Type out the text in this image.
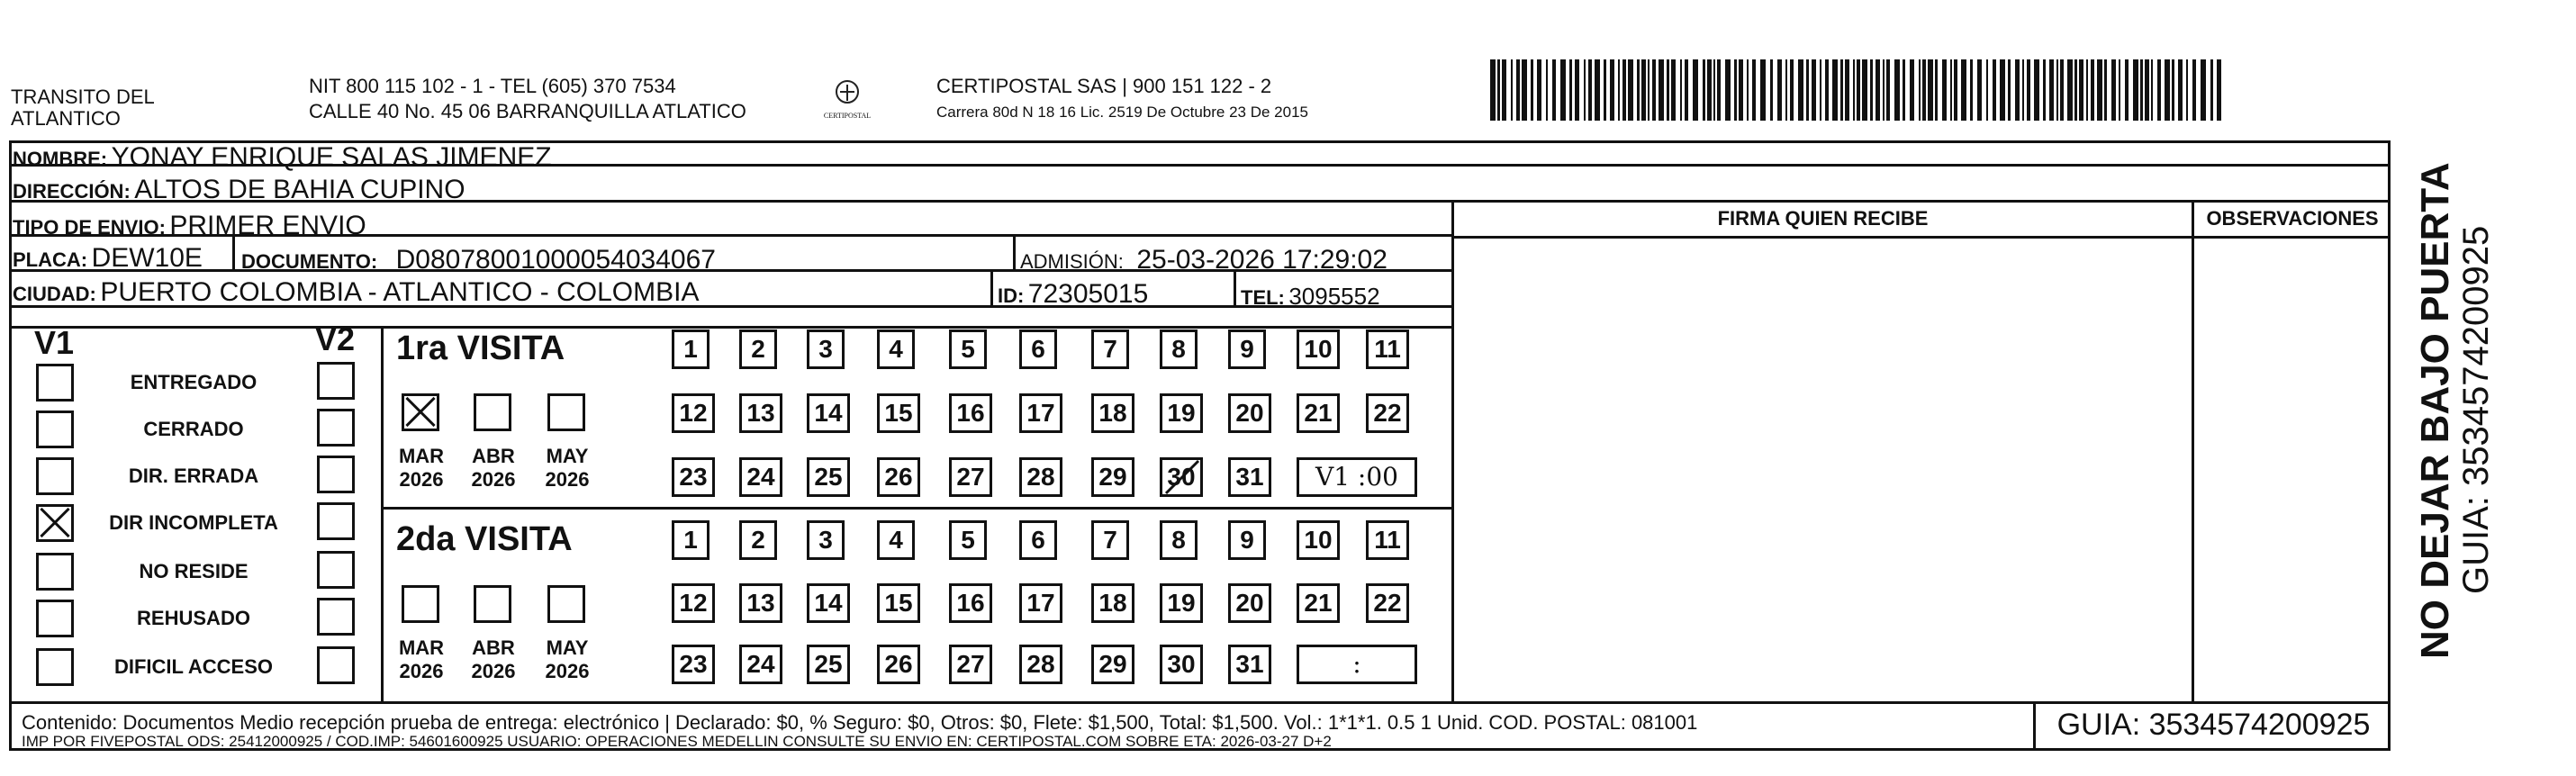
TRANSITO DEL
ATLANTICO
NIT 800 115 102 - 1 - TEL (605) 370 7534
CALLE 40 No. 45 06 BARRANQUILLA ATLATICO	CERTIPOSTAL
CERTIPOSTAL SAS | 900 151 122 - 2
Carrera 80d N 18 16 Lic. 2519 De Octubre 23 De 2015
NOMBRE: YONAY ENRIQUE SALAS JIMENEZ
DIRECCIÓN: ALTOS DE BAHIA CUPINO
TIPO DE ENVIO: PRIMER ENVIO
PLACA: DEW10E DOCUMENTO: D08078001000054034067	ADMISIÓN: 25-03-2026 17:29:02
CIUDAD: PUERTO COLOMBIA - ATLANTICO - COLOMBIA	ID: 72305015	TEL: 3095552
FIRMA QUIEN RECIBE	OBSERVACIONES
V1	V2 1ra VISITA
2da VISITA
Contenido: Documentos Medio recepción prueba de entrega: electrónico | Declarado: $0, % Seguro: $0, Otros: $0, Flete: $1,500, Total: $1,500. Vol.: 1*1*1. 0.5 1 Unid. COD. POSTAL: 081001
IMP POR FIVEPOSTAL ODS: 25412000925 / COD.IMP: 54601600925 USUARIO: OPERACIONES MEDELLIN CONSULTE SU ENVIO EN: CERTIPOSTAL.COM SOBRE ETA: 2026-03-27 D+2	GUIA: 3534574200925
NO DEJAR BAJO PUERTA GUIA: 3534574200925
ENTREGADO
CERRADO
DIR. ERRADA
DIR INCOMPLETA
NO RESIDE
REHUSADO
DIFICIL ACCESO
MAR
2026
ABR
2026
MAY
2026
MAR
2026
ABR
2026
MAY
2026
1	2	3	4	5	6	7	8	9	10	11
12	13	14	15	16	17	18	19	20	21	22
23	24	25	26	27	28	29	30	31	V1 :00
1	2	3	4	5	6	7	8	9	10	11
12	13	14	15	16	17	18	19	20	21	22
23	24	25	26	27	28	29	30	31	:
